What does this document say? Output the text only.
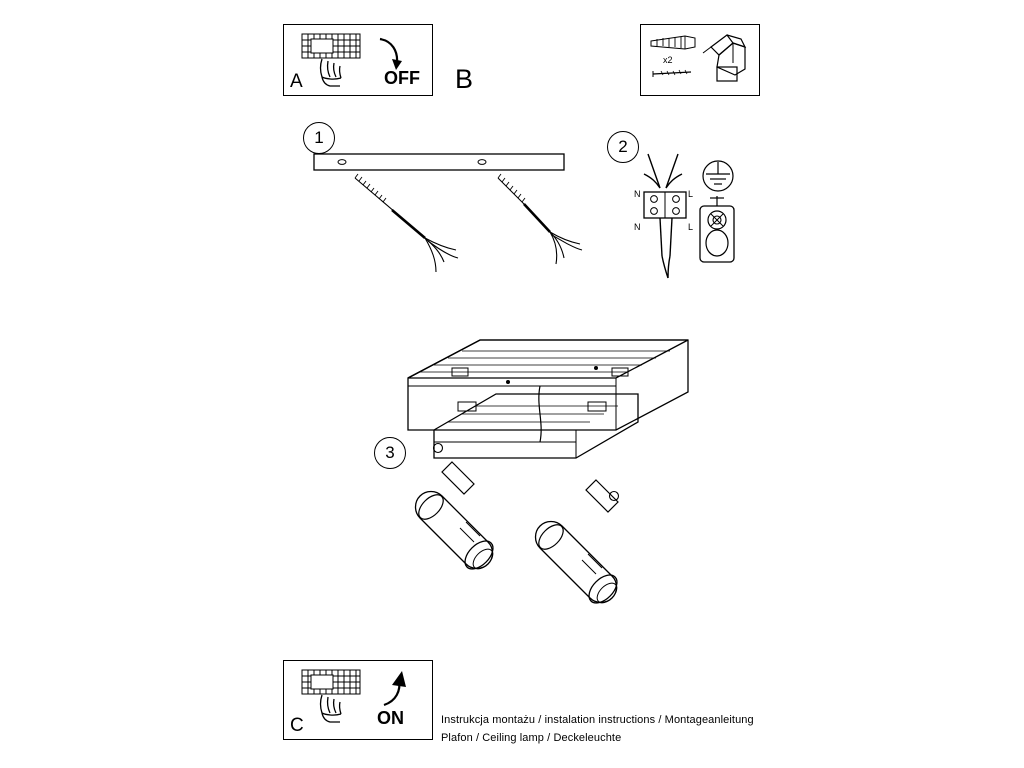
A	OFF B
x2
1	2
N	L
N	L
3
C	ON	Instrukcja montażu / instalation instructions / Montageanleitung
Plafon / Ceiling lamp / Deckeleuchte
